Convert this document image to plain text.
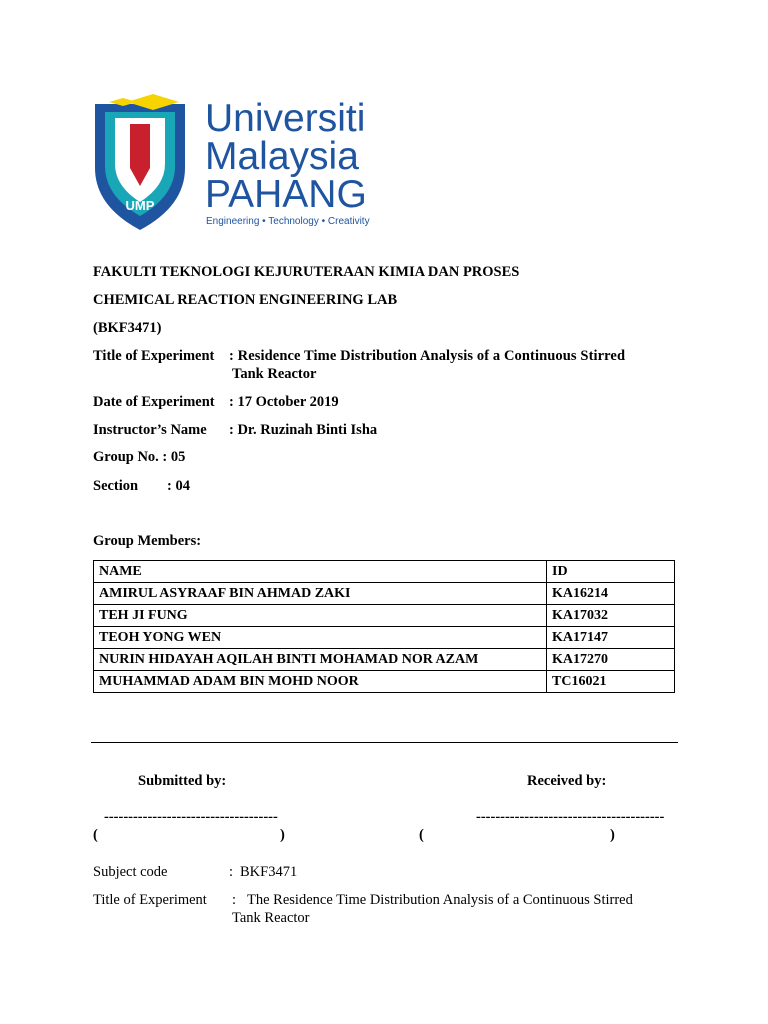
UMP
Universiti
Malaysia
PAHANG
Engineering • Technology • Creativity
FAKULTI TEKNOLOGI KEJURUTERAAN KIMIA DAN PROSES
CHEMICAL REACTION ENGINEERING LAB
(BKF3471)
Title of Experiment : Residence Time Distribution Analysis of a Continuous Stirred
Tank Reactor
Date of Experiment : 17 October 2019
Instructor’s Name : Dr. Ruzinah Binti Isha
Group No. : 05
Section : 04
Group Members:
NAME	ID
AMIRUL ASYRAAF BIN AHMAD ZAKI	KA16214
TEH JI FUNG	KA17032
TEOH YONG WEN	KA17147
NURIN HIDAYAH AQILAH BINTI MOHAMAD NOR AZAM	KA17270
MUHAMMAD ADAM BIN MOHD NOOR	TC16021
Submitted by:	Received by:
------------------------------------	---------------------------------------
(	)	(	)
Subject code	: BKF3471
Title of Experiment : The Residence Time Distribution Analysis of a Continuous Stirred
Tank Reactor
